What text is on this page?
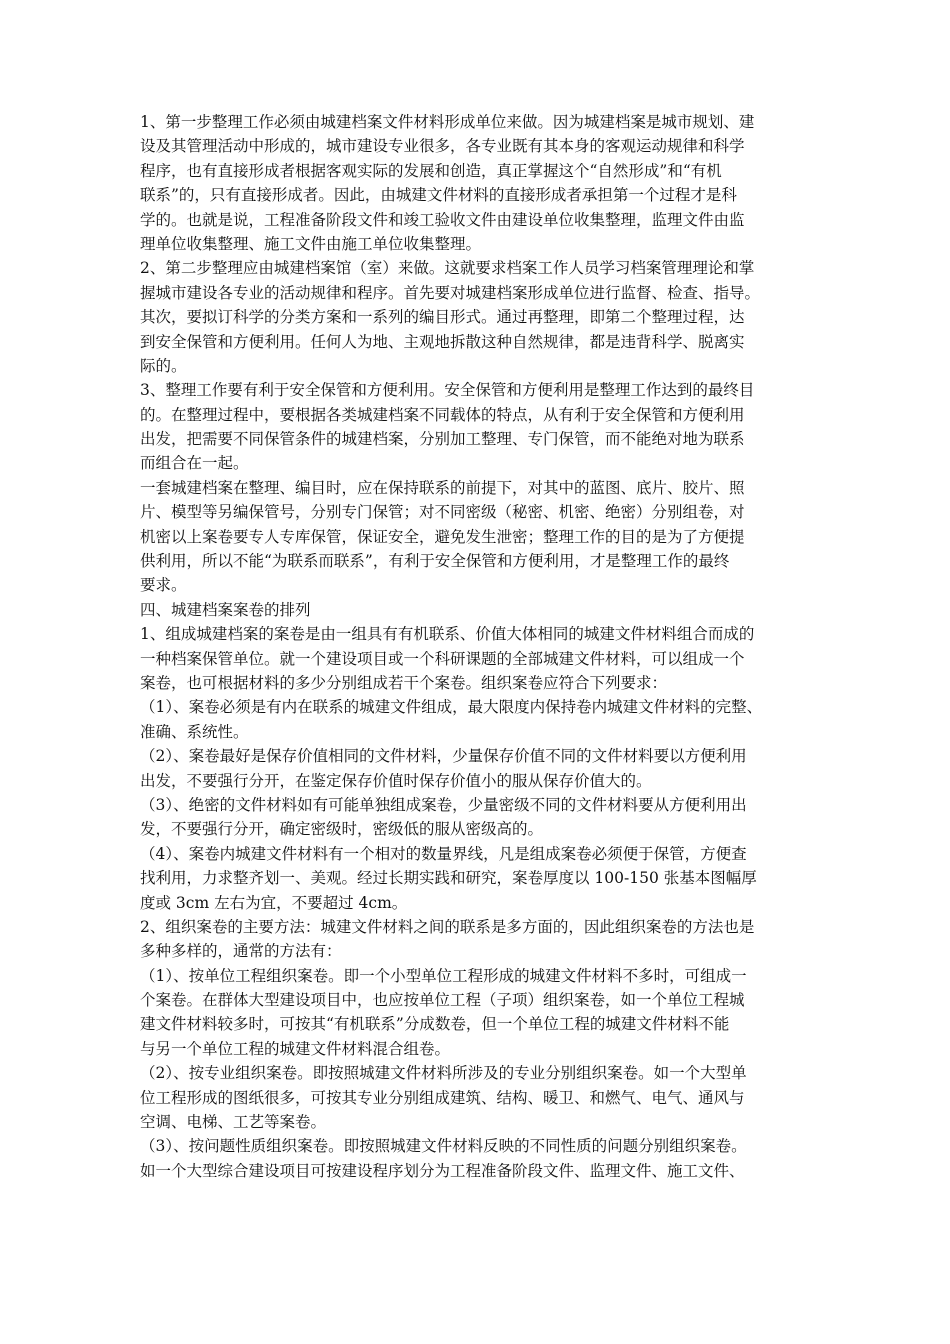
1、第一步整理工作必须由城建档案文件材料形成单位来做。因为城建档案是城市规划、建
设及其管理活动中形成的，城市建设专业很多，各专业既有其本身的客观运动规律和科学
程序，也有直接形成者根据客观实际的发展和创造，真正掌握这个“自然形成”和“有机
联系”的，只有直接形成者。因此，由城建文件材料的直接形成者承担第一个过程才是科
学的。也就是说，工程准备阶段文件和竣工验收文件由建设单位收集整理，监理文件由监
理单位收集整理、施工文件由施工单位收集整理。
2、第二步整理应由城建档案馆（室）来做。这就要求档案工作人员学习档案管理理论和掌
握城市建设各专业的活动规律和程序。首先要对城建档案形成单位进行监督、检查、指导。
其次，要拟订科学的分类方案和一系列的编目形式。通过再整理，即第二个整理过程，达
到安全保管和方便利用。任何人为地、主观地拆散这种自然规律，都是违背科学、脱离实
际的。
3、整理工作要有利于安全保管和方便利用。安全保管和方便利用是整理工作达到的最终目
的。在整理过程中，要根据各类城建档案不同载体的特点，从有利于安全保管和方便利用
出发，把需要不同保管条件的城建档案，分别加工整理、专门保管，而不能绝对地为联系
而组合在一起。
一套城建档案在整理、编目时，应在保持联系的前提下，对其中的蓝图、底片、胶片、照
片、模型等另编保管号，分别专门保管；对不同密级（秘密、机密、绝密）分别组卷，对
机密以上案卷要专人专库保管，保证安全，避免发生泄密；整理工作的目的是为了方便提
供利用，所以不能“为联系而联系”，有利于安全保管和方便利用，才是整理工作的最终
要求。
四、城建档案案卷的排列
1、组成城建档案的案卷是由一组具有有机联系、价值大体相同的城建文件材料组合而成的
一种档案保管单位。就一个建设项目或一个科研课题的全部城建文件材料，可以组成一个
案卷，也可根据材料的多少分别组成若干个案卷。组织案卷应符合下列要求：
（1）、案卷必须是有内在联系的城建文件组成，最大限度内保持卷内城建文件材料的完整、
准确、系统性。
（2）、案卷最好是保存价值相同的文件材料，少量保存价值不同的文件材料要以方便利用
出发，不要强行分开，在鉴定保存价值时保存价值小的服从保存价值大的。
（3）、绝密的文件材料如有可能单独组成案卷，少量密级不同的文件材料要从方便利用出
发，不要强行分开，确定密级时，密级低的服从密级高的。
（4）、案卷内城建文件材料有一个相对的数量界线，凡是组成案卷必须便于保管，方便查
找利用，力求整齐划一、美观。经过长期实践和研究，案卷厚度以 100-150 张基本图幅厚
度或 3cm 左右为宜，不要超过 4cm。
2、组织案卷的主要方法：城建文件材料之间的联系是多方面的，因此组织案卷的方法也是
多种多样的，通常的方法有：
（1）、按单位工程组织案卷。即一个小型单位工程形成的城建文件材料不多时，可组成一
个案卷。在群体大型建设项目中，也应按单位工程（子项）组织案卷，如一个单位工程城
建文件材料较多时，可按其“有机联系”分成数卷，但一个单位工程的城建文件材料不能
与另一个单位工程的城建文件材料混合组卷。
（2）、按专业组织案卷。即按照城建文件材料所涉及的专业分别组织案卷。如一个大型单
位工程形成的图纸很多，可按其专业分别组成建筑、结构、暖卫、和燃气、电气、通风与
空调、电梯、工艺等案卷。
（3）、按问题性质组织案卷。即按照城建文件材料反映的不同性质的问题分别组织案卷。
如一个大型综合建设项目可按建设程序划分为工程准备阶段文件、监理文件、施工文件、
